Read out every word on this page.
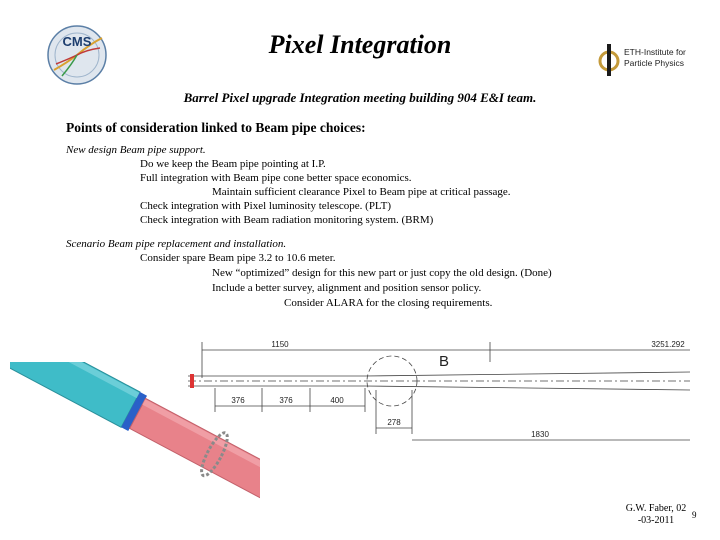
CMS
ETH-Institute for
Particle Physics
Pixel Integration
Barrel Pixel upgrade Integration meeting building 904 E&I team.
Points of consideration linked to Beam pipe choices:
New design Beam pipe support.
Do we keep the Beam pipe pointing at I.P.
Full integration with Beam pipe cone better space economics.
Maintain sufficient clearance Pixel to Beam pipe at critical passage.
Check integration with Pixel luminosity telescope. (PLT)
Check integration with Beam radiation monitoring system. (BRM)
Scenario Beam pipe replacement and installation.
Consider spare Beam pipe 3.2 to 10.6 meter.
New “optimized” design for this new part or just copy the old design. (Done)
Include a better survey, alignment and position sensor policy.
Consider ALARA for the closing requirements.
1150	3251.292
376	376	400
278
1830
B
G.W. Faber, 02
-03-2011	9
